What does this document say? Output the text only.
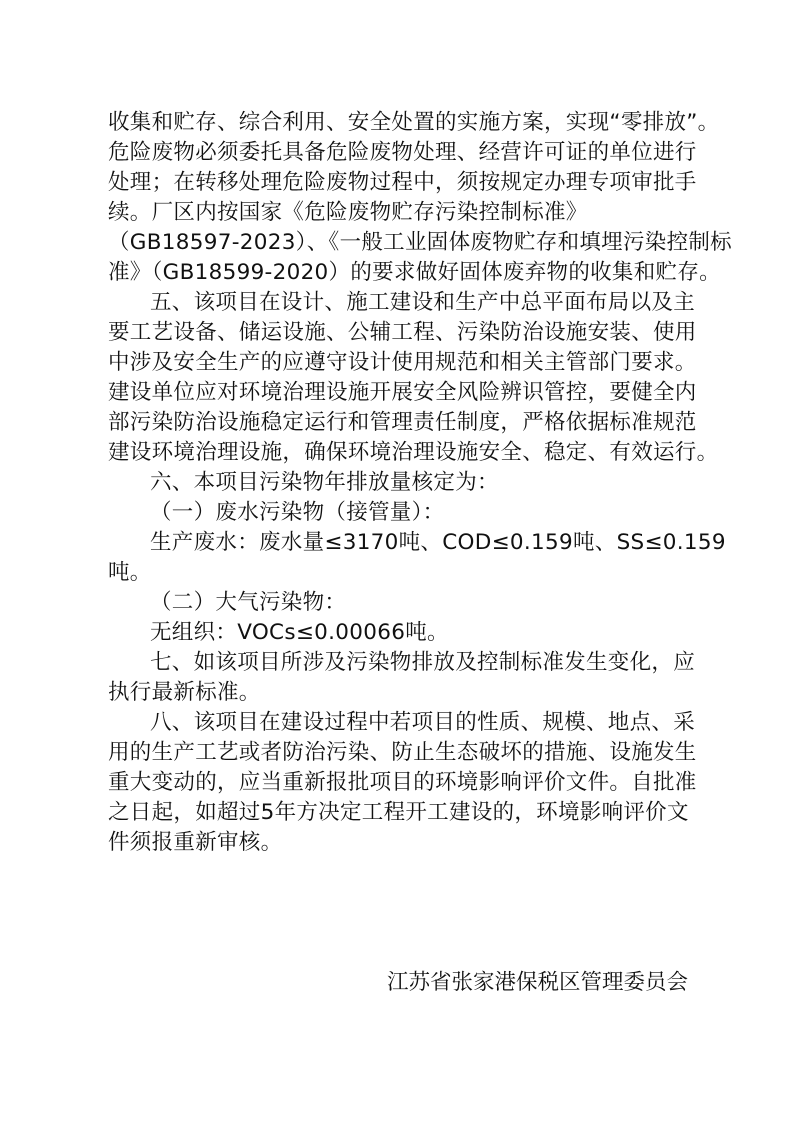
收集和贮存、综合利用、安全处置的实施方案，实现“零排放”。
危险废物必须委托具备危险废物处理、经营许可证的单位进行
处理；在转移处理危险废物过程中，须按规定办理专项审批手
续。厂区内按国家《危险废物贮存污染控制标准》
（GB18597-2023）、《一般工业固体废物贮存和填埋污染控制标
准》（GB18599-2020）的要求做好固体废弃物的收集和贮存。
五、该项目在设计、施工建设和生产中总平面布局以及主
要工艺设备、储运设施、公辅工程、污染防治设施安装、使用
中涉及安全生产的应遵守设计使用规范和相关主管部门要求。
建设单位应对环境治理设施开展安全风险辨识管控，要健全内
部污染防治设施稳定运行和管理责任制度，严格依据标准规范
建设环境治理设施，确保环境治理设施安全、稳定、有效运行。
六、本项目污染物年排放量核定为：
（一）废水污染物（接管量）：
生产废水：废水量≤3170吨、COD≤0.159吨、SS≤0.159
吨。
（二）大气污染物：
无组织：VOCs≤0.00066吨。
七、如该项目所涉及污染物排放及控制标准发生变化，应
执行最新标准。
八、该项目在建设过程中若项目的性质、规模、地点、采
用的生产工艺或者防治污染、防止生态破坏的措施、设施发生
重大变动的，应当重新报批项目的环境影响评价文件。自批准
之日起，如超过5年方决定工程开工建设的，环境影响评价文
件须报重新审核。
江苏省张家港保税区管理委员会
